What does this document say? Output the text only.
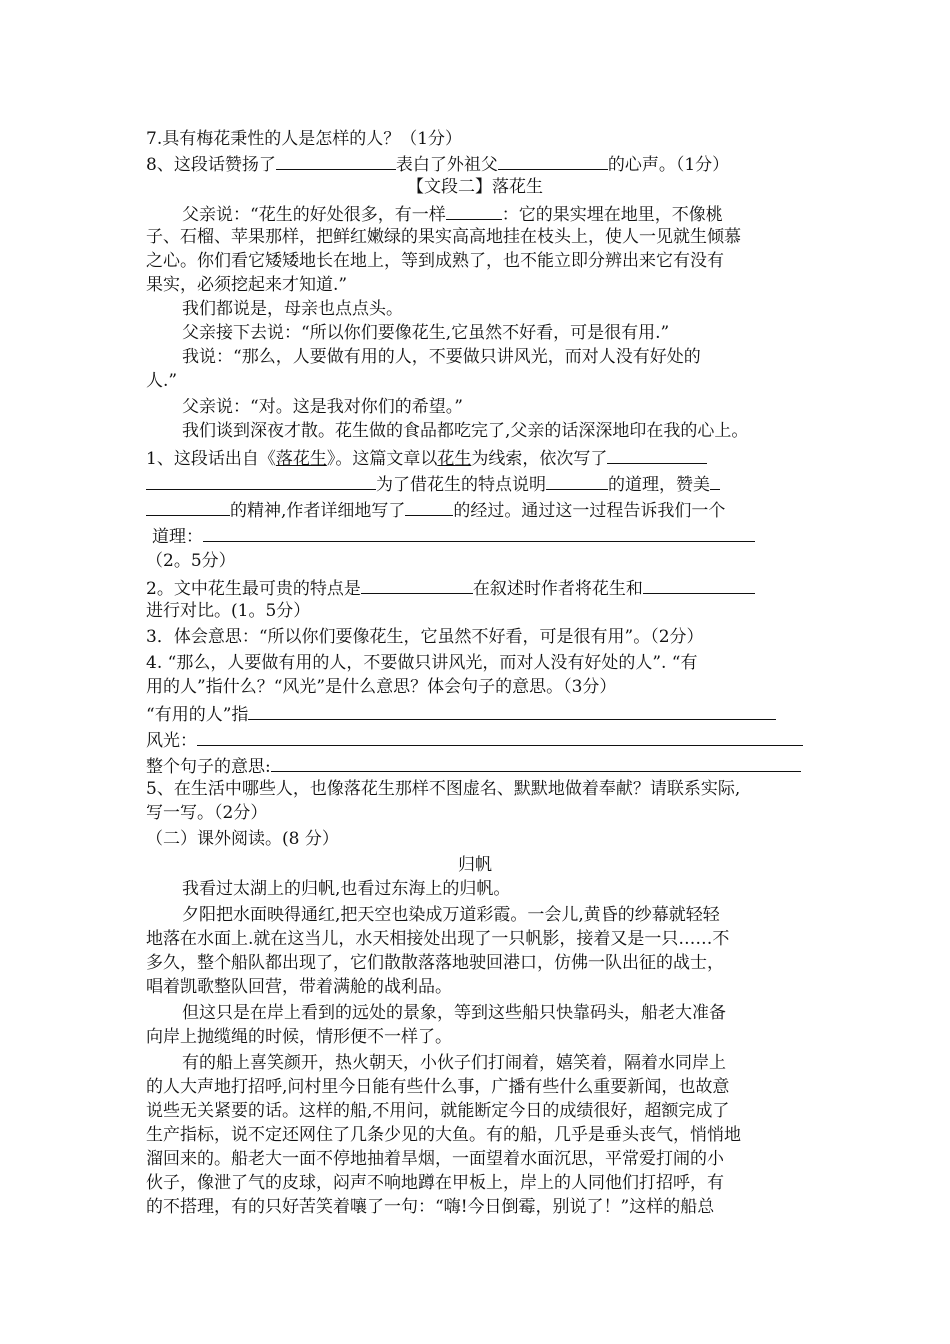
7.具有梅花秉性的人是怎样的人？（1分）
8、这段话赞扬了	表白了外祖父	的心声。（1分）
【文段二】落花生
父亲说：“花生的好处很多，有一样	：它的果实埋在地里，不像桃
子、石榴、苹果那样，把鲜红嫩绿的果实高高地挂在枝头上，使人一见就生倾慕
之心。你们看它矮矮地长在地上，等到成熟了，也不能立即分辨出来它有没有
果实，必须挖起来才知道.”
我们都说是，母亲也点点头。
父亲接下去说：“所以你们要像花生,它虽然不好看，可是很有用.”
我说：“那么，人要做有用的人，不要做只讲风光，而对人没有好处的
人.”
父亲说：“对。这是我对你们的希望。”
我们谈到深夜才散。花生做的食品都吃完了,父亲的话深深地印在我的心上。
1、这段话出自《落花生》。这篇文章以花生为线索，依次写了
为了借花生的特点说明	的道理，赞美
的精神,作者详细地写了	的经过。通过这一过程告诉我们一个
道理：
（2。5分）
2。文中花生最可贵的特点是	在叙述时作者将花生和
进行对比。(1。5分）
3．体会意思：“所以你们要像花生，它虽然不好看，可是很有用”。（2分）
4. “那么，人要做有用的人，不要做只讲风光，而对人没有好处的人”. “有
用的人”指什么？“风光”是什么意思？体会句子的意思。（3分）
“有用的人”指
风光：
整个句子的意思:
5、在生活中哪些人，也像落花生那样不图虚名、默默地做着奉献？请联系实际,
写一写。（2分）
（二）课外阅读。(8 分）
归帆
我看过太湖上的归帆,也看过东海上的归帆。
夕阳把水面映得通红,把天空也染成万道彩霞。一会儿,黄昏的纱幕就轻轻
地落在水面上.就在这当儿，水天相接处出现了一只帆影，接着又是一只……不
多久，整个船队都出现了，它们散散落落地驶回港口，仿佛一队出征的战士，
唱着凯歌整队回营，带着满舱的战利品。
但这只是在岸上看到的远处的景象，等到这些船只快靠码头，船老大准备
向岸上抛缆绳的时候，情形便不一样了。
有的船上喜笑颜开，热火朝天，小伙子们打闹着，嬉笑着，隔着水同岸上
的人大声地打招呼,问村里今日能有些什么事，广播有些什么重要新闻，也故意
说些无关紧要的话。这样的船,不用问，就能断定今日的成绩很好，超额完成了
生产指标，说不定还网住了几条少见的大鱼。有的船，几乎是垂头丧气，悄悄地
溜回来的。船老大一面不停地抽着旱烟，一面望着水面沉思，平常爱打闹的小
伙子，像泄了气的皮球，闷声不响地蹲在甲板上，岸上的人同他们打招呼，有
的不搭理，有的只好苦笑着嚷了一句：“嗨!今日倒霉，别说了！”这样的船总
